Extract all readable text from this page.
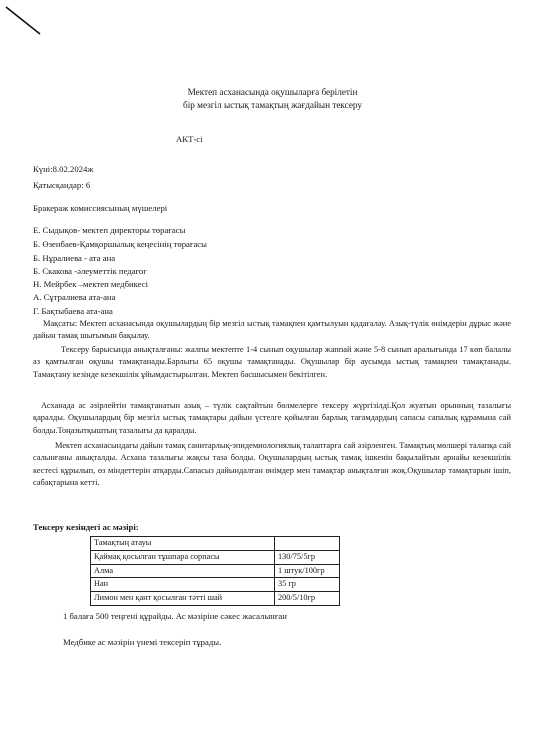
Мектеп асханасында оқушыларға берілетін
бір мезгіл ыстық тамақтың жағдайын тексеру
АКТ-сі
Күні:8.02.2024ж
Қатысқандар: 6
Бракераж комиссиясының мүшелері
Е. Сыдықов- мектеп директоры төрағасы
Б. Өзенбаев-Қамқоршылық кеңесінің төрағасы
Б. Нұралиева - ата ана
Б. Скакова -әлеуметтік педагог
Н. Мейрбек –мектеп медбикесі
А. Сұтралиева ата-ана
Г. Бақтыбаева ата-ана
Мақсаты: Мектеп асханасында оқушылардың бір мезгіл ыстық тамақпен қамтылуын қадағалау. Азық-түлік өнімдерін дұрыс және дайын тамақ шығымын бақылау.
Тексеру барысында анықталғаны: жалпы мектепте 1-4 сынып оқушылар жаппай және 5-8 сынып аралығында 17 көп балалы аз қамтылған оқушы тамақтанады.Барлығы 65 оқушы тамақтанады. Оқушылар бір аусымда ыстық тамақпен тамақтанады. Тамақтану кезінде кезекшілік ұйымдастырылған. Мектеп басшысымен бекітілген.
Асханада ас әзірлейтін тамақтанатын азық – түлік сақтайтын бөлмелерге тексеру жүргізілді.Қол жуатын орынның тазалығы қаралды. Оқушылардың бір мезгіл ыстық тамақтары дайын үстелге қойылған барлық тағамдардың сапасы сапалық құрамына сай болды.Тоңазытқыштың тазалығы да қаралды.
Мектеп асханасындағы дайын тамақ санитарлық-эпидемиологиялық талаптарға сай әзірленген. Тамақтың мөлшері талапқа сай салынғаны анықталды. Асхана тазалығы жақсы таза болды. Оқушылардың ыстық тамақ ішкенін бақылайтын арнайы кезекшілік кестесі құрылып, өз міндеттерін атқарды.Сапасыз дайындалған өнімдер мен тамақтар анықталған жоқ.Оқушылар тамақтарын ішіп, сабақтарына кетті.
Тексеру кезіндегі ас мәзірі:
Тамақтың атауы	
Қаймақ қосылған тұшпара сорпасы	130/75/5гр
Алма	1 штук/100гр
Нан	35 гр
Лимон мен қант қосылған тәтті шай	200/5/10гр
1 балаға 500 теңгені құрайды. Ас мәзіріне сәкес жасалынған
Медбике ас мәзірін үнемі тексеріп тұрады.
